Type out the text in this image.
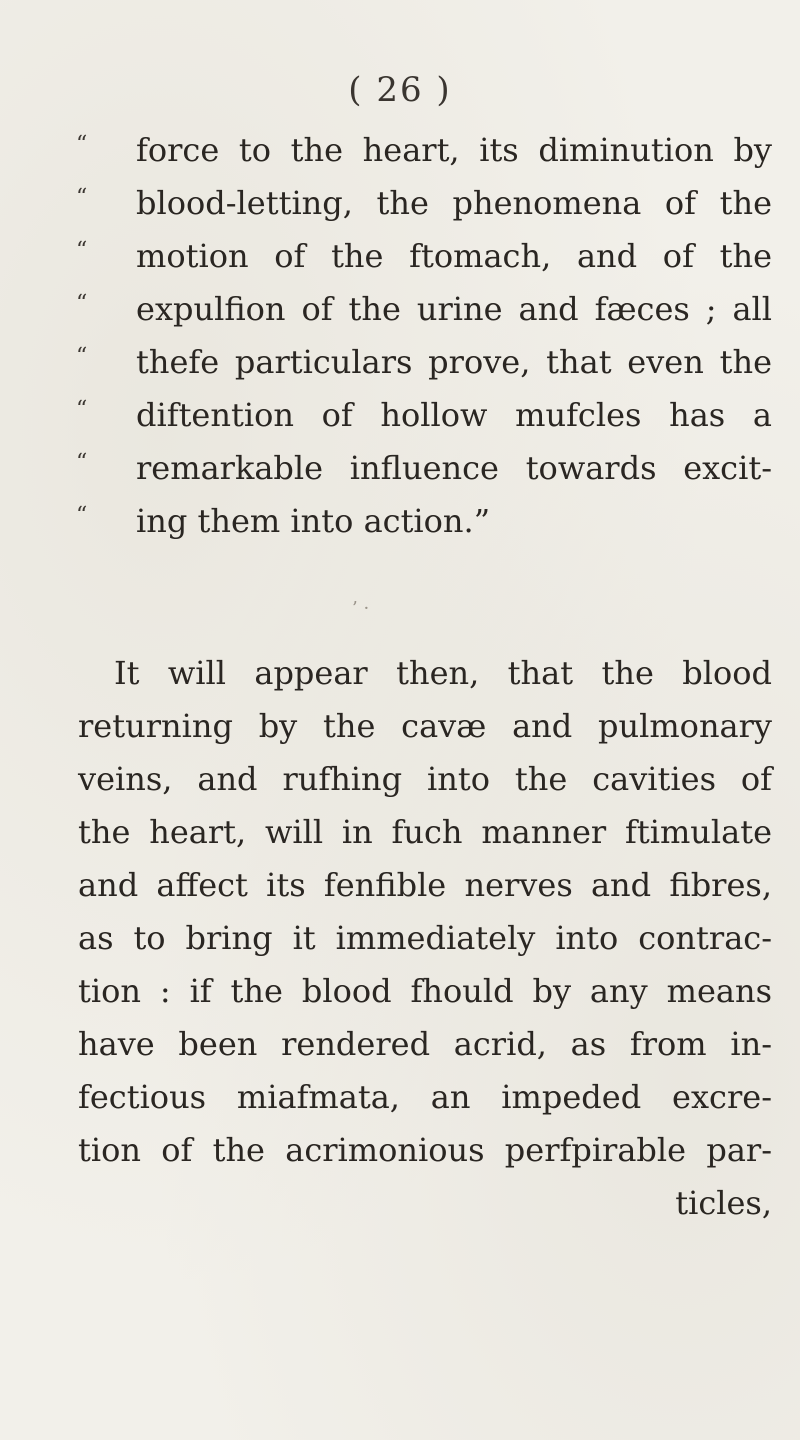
( 26 )
“ force to the heart, its diminution by
“ blood-letting, the phenomena of the
“ motion of the ftomach, and of the
“ expulfion of the urine and fæces ; all
“ thefe particulars prove, that even the
“ diftention of hollow mufcles has a
“ remarkable influence towards excit-
“ ing them into action.”
’ ·
It will appear then, that the blood
returning by the cavæ and pulmonary
veins, and rufhing into the cavities of
the heart, will in fuch manner ftimulate
and affect its fenfible nerves and fibres,
as to bring it immediately into contrac-
tion : if the blood fhould by any means
have been rendered acrid, as from in-
fectious miafmata, an impeded excre-
tion of the acrimonious perfpirable par-
ticles,
